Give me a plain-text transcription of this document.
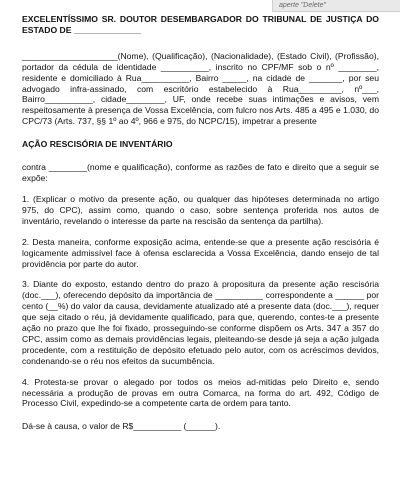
aperte "Delete"
EXCELENTÍSSIMO SR. DOUTOR DESEMBARGADOR DO TRIBUNAL DE JUSTIÇA DO ESTADO DE ______________

____________________(Nome), (Qualificação), (Nacionalidade), (Estado Civil), (Profissão), portador da cédula de identidade __________, inscrito no CPF/MF sob o nº ________, residente e domiciliado à Rua__________, Bairro _____, na cidade de _______, por seu advogado infra-assinado, com escritório estabelecido à Rua_________, nº___, Bairro__________, cidade________, UF, onde recebe suas intimações e avisos, vem respeitosamente à presença de Vossa Excelência, com fulcro nos Arts. 485 a 495 e 1.030, do CPC/73 (Arts. 737, §§ 1º ao 4º, 966 e 975, do NCPC/15), impetrar a presente

AÇÃO RESCISÓRIA DE INVENTÁRIO

contra ________(nome e qualificação), conforme as razões de fato e direito que a seguir se expõe:

1. (Explicar o motivo da presente ação, ou qualquer das hipóteses determinada no artigo 975, do CPC), assim como, quando o caso, sobre sentença proferida nos autos de inventário, revelando o interesse da parte na rescisão da sentença da partilha).

2. Desta maneira, conforme exposição acima, entende-se que a presente ação rescisória é logicamente admissível face à ofensa esclarecida a Vossa Excelência, dando ensejo de tal providência por parte do autor.

3. Diante do exposto, estando dentro do prazo à propositura da presente ação rescisória (doc.___), oferecendo depósito da importância de __________ correspondente a ______ por cento (__%) do valor da causa, devidamente atualizado até a presente data (doc.___), requer que seja citado o réu, já devidamente qualificado, para que, querendo, contes-te a presente ação no prazo que lhe foi fixado, prosseguindo-se conforme dispõem os Arts. 347 a 357 do CPC, assim como as demais providências legais, pleiteando-se desde já seja a ação julgada procedente, com a restituição de depósito efetuado pelo autor, com os acréscimos devidos, condenando-se o réu nos efeitos da sucumbência.

4. Protesta-se provar o alegado por todos os meios ad-mitidas pelo Direito e, sendo necessária a produção de provas em outra Comarca, na forma do art. 492, Código de Processo Civil, expedindo-se a competente carta de ordem para tanto.

Dá-se à causa, o valor de R$__________ (______).
